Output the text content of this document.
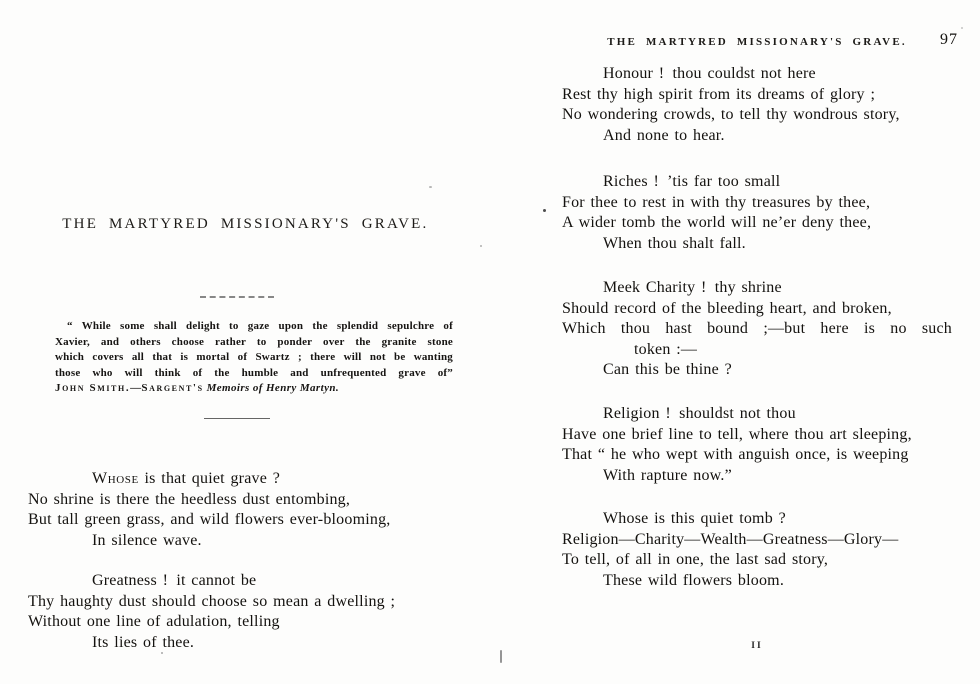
THE MARTYRED MISSIONARY'S GRAVE.
“ While some shall delight to gaze upon the splendid sepulchre of
Xavier, and others choose rather to ponder over the granite stone
which covers all that is mortal of Swartz ; there will not be wanting
those who will think of the humble and unfrequented grave of”
John Smith.—Sargent's Memoirs of Henry Martyn.
Whose is that quiet grave ?
No shrine is there the heedless dust entombing,
But tall green grass, and wild flowers ever-blooming,
In silence wave.
Greatness ! it cannot be
Thy haughty dust should choose so mean a dwelling ;
Without one line of adulation, telling
Its lies of thee.
THE MARTYRED MISSIONARY'S GRAVE. 97
Honour ! thou couldst not here
Rest thy high spirit from its dreams of glory ;
No wondering crowds, to tell thy wondrous story,
And none to hear.
Riches ! ’tis far too small
For thee to rest in with thy treasures by thee,
A wider tomb the world will ne’er deny thee,
When thou shalt fall.
Meek Charity ! thy shrine
Should record of the bleeding heart, and broken,
Which thou hast bound ;—but here is no such
token :—
Can this be thine ?
Religion ! shouldst not thou
Have one brief line to tell, where thou art sleeping,
That “ he who wept with anguish once, is weeping
With rapture now.”
Whose is this quiet tomb ?
Religion—Charity—Wealth—Greatness—Glory—
To tell, of all in one, the last sad story,
These wild flowers bloom.
II
